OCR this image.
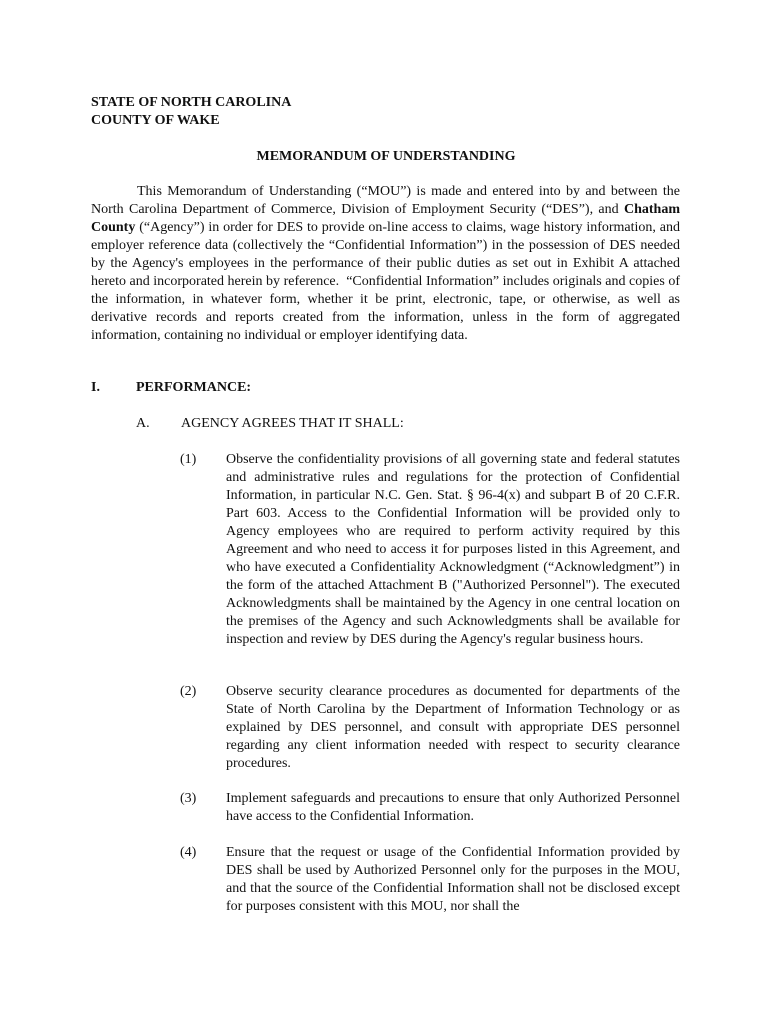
STATE OF NORTH CAROLINA
COUNTY OF WAKE
MEMORANDUM OF UNDERSTANDING

This Memorandum of Understanding (“MOU”) is made and entered into by and between the North Carolina Department of Commerce, Division of Employment Security (“DES”), and Chatham County (“Agency”) in order for DES to provide on-line access to claims, wage history information, and employer reference data (collectively the “Confidential Information”) in the possession of DES needed by the Agency's employees in the performance of their public duties as set out in Exhibit A attached hereto and incorporated herein by reference.  “Confidential Information” includes originals and copies of the information, in whatever form, whether it be print, electronic, tape, or otherwise, as well as derivative records and reports created from the information, unless in the form of aggregated information, containing no individual or employer identifying data.

I.	PERFORMANCE:
A. AGENCY AGREES THAT IT SHALL:
(1) Observe the confidentiality provisions of all governing state and federal statutes and administrative rules and regulations for the protection of Confidential Information, in particular N.C. Gen. Stat. § 96-4(x) and subpart B of 20 C.F.R. Part 603. Access to the Confidential Information will be provided only to Agency employees who are required to perform activity required by this Agreement and who need to access it for purposes listed in this Agreement, and who have executed a Confidentiality Acknowledgment (“Acknowledgment”) in the form of the attached Attachment B ("Authorized Personnel"). The executed Acknowledgments shall be maintained by the Agency in one central location on the premises of the Agency and such Acknowledgments shall be available for inspection and review by DES during the Agency's regular business hours.
(2) Observe security clearance procedures as documented for departments of the State of North Carolina by the Department of Information Technology or as explained by DES personnel, and consult with appropriate DES personnel regarding any client information needed with respect to security clearance procedures.
(3) Implement safeguards and precautions to ensure that only Authorized Personnel have access to the Confidential Information.
(4) Ensure that the request or usage of the Confidential Information provided by DES shall be used by Authorized Personnel only for the purposes in the MOU, and that the source of the Confidential Information shall not be disclosed except for purposes consistent with this MOU, nor shall the
